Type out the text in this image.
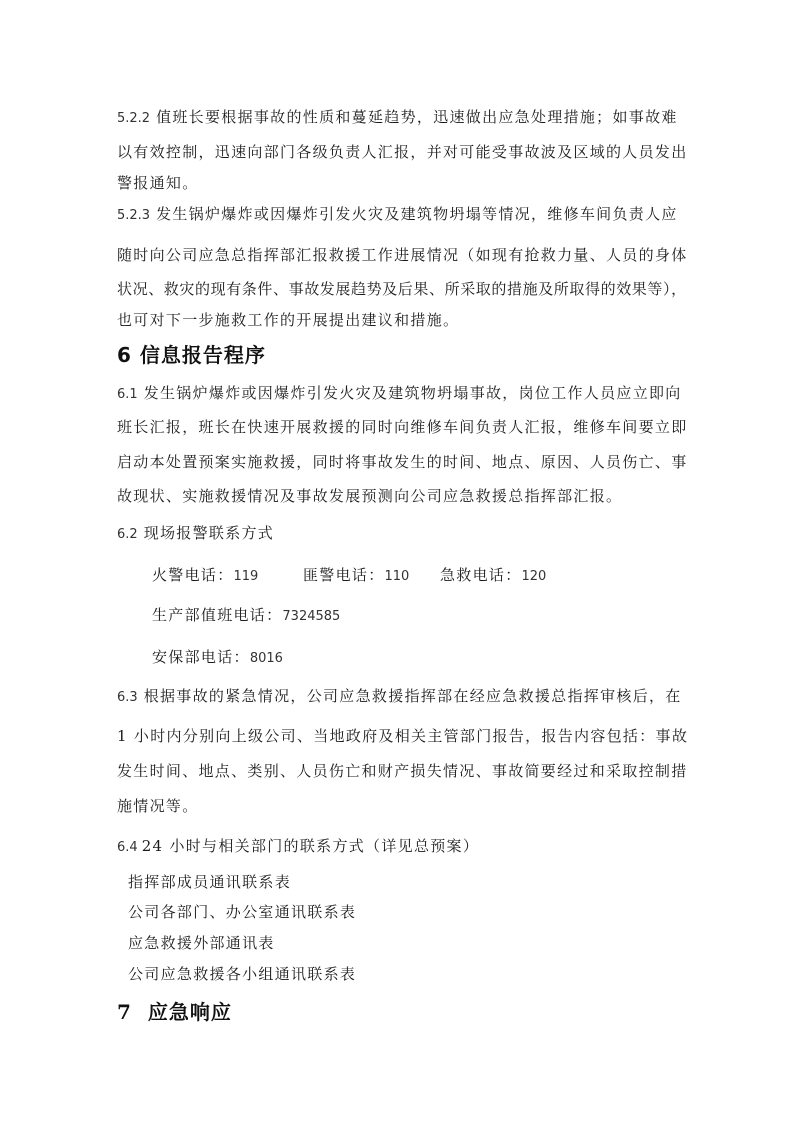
5.2.2 值班长要根据事故的性质和蔓延趋势，迅速做出应急处理措施；如事故难
以有效控制，迅速向部门各级负责人汇报，并对可能受事故波及区域的人员发出
警报通知。
5.2.3 发生锅炉爆炸或因爆炸引发火灾及建筑物坍塌等情况，维修车间负责人应
随时向公司应急总指挥部汇报救援工作进展情况（如现有抢救力量、人员的身体
状况、救灾的现有条件、事故发展趋势及后果、所采取的措施及所取得的效果等），
也可对下一步施救工作的开展提出建议和措施。
6 信息报告程序
6.1 发生锅炉爆炸或因爆炸引发火灾及建筑物坍塌事故，岗位工作人员应立即向
班长汇报，班长在快速开展救援的同时向维修车间负责人汇报，维修车间要立即
启动本处置预案实施救援，同时将事故发生的时间、地点、原因、人员伤亡、事
故现状、实施救援情况及事故发展预测向公司应急救援总指挥部汇报。
6.2 现场报警联系方式
火警电话：119	匪警电话：110 急救电话：120
生产部值班电话：7324585
安保部电话：8016
6.3 根据事故的紧急情况，公司应急救援指挥部在经应急救援总指挥审核后，在
1 小时内分别向上级公司、当地政府及相关主管部门报告，报告内容包括：事故
发生时间、地点、类别、人员伤亡和财产损失情况、事故简要经过和采取控制措
施情况等。
6.4 24 小时与相关部门的联系方式（详见总预案）
指挥部成员通讯联系表
公司各部门、办公室通讯联系表
应急救援外部通讯表
公司应急救援各小组通讯联系表
7 应急响应
